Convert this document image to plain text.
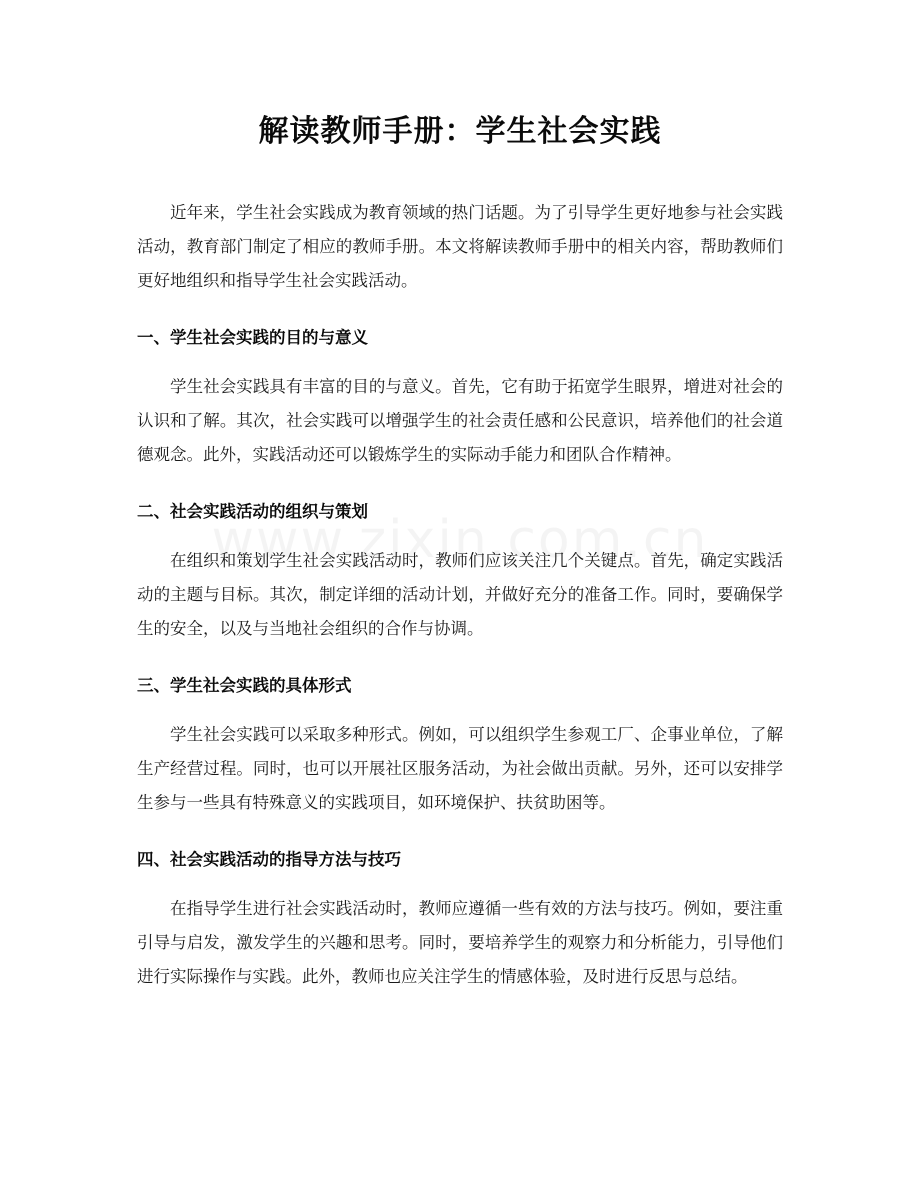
解读教师手册：学生社会实践

近年来，学生社会实践成为教育领域的热门话题。为了引导学生更好地参与社会实践活动，教育部门制定了相应的教师手册。本文将解读教师手册中的相关内容，帮助教师们更好地组织和指导学生社会实践活动。

一、学生社会实践的目的与意义

学生社会实践具有丰富的目的与意义。首先，它有助于拓宽学生眼界，增进对社会的认识和了解。其次，社会实践可以增强学生的社会责任感和公民意识，培养他们的社会道德观念。此外，实践活动还可以锻炼学生的实际动手能力和团队合作精神。

二、社会实践活动的组织与策划

在组织和策划学生社会实践活动时，教师们应该关注几个关键点。首先，确定实践活动的主题与目标。其次，制定详细的活动计划，并做好充分的准备工作。同时，要确保学生的安全，以及与当地社会组织的合作与协调。

三、学生社会实践的具体形式

学生社会实践可以采取多种形式。例如，可以组织学生参观工厂、企事业单位，了解生产经营过程。同时，也可以开展社区服务活动，为社会做出贡献。另外，还可以安排学生参与一些具有特殊意义的实践项目，如环境保护、扶贫助困等。

四、社会实践活动的指导方法与技巧

在指导学生进行社会实践活动时，教师应遵循一些有效的方法与技巧。例如，要注重引导与启发，激发学生的兴趣和思考。同时，要培养学生的观察力和分析能力，引导他们进行实际操作与实践。此外，教师也应关注学生的情感体验，及时进行反思与总结。
